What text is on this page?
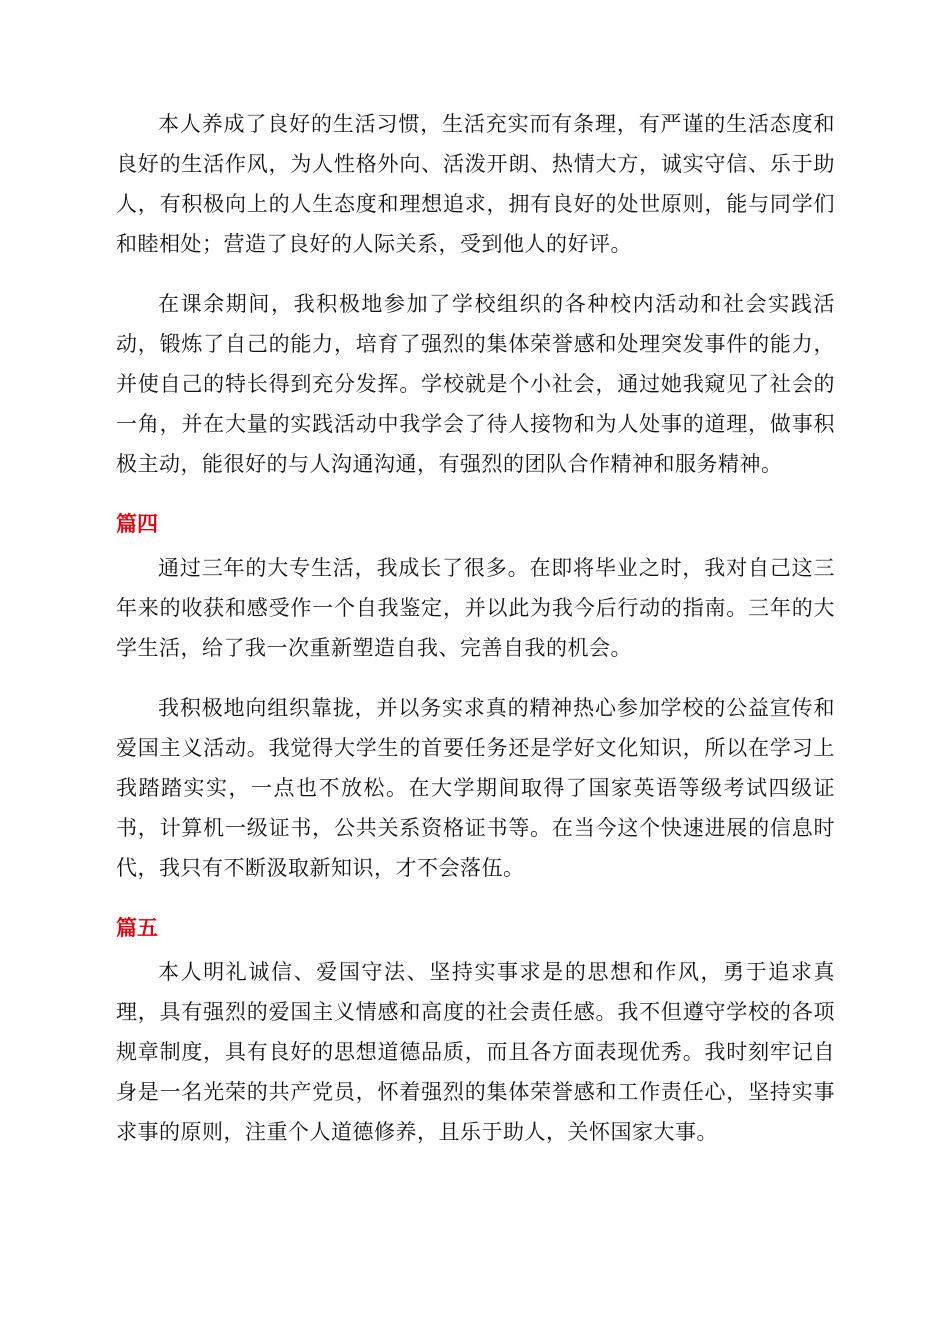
本人养成了良好的生活习惯，生活充实而有条理，有严谨的生活态度和良好的生活作风，为人性格外向、活泼开朗、热情大方，诚实守信、乐于助人，有积极向上的人生态度和理想追求，拥有良好的处世原则，能与同学们和睦相处；营造了良好的人际关系，受到他人的好评。

在课余期间，我积极地参加了学校组织的各种校内活动和社会实践活动，锻炼了自己的能力，培育了强烈的集体荣誉感和处理突发事件的能力，并使自己的特长得到充分发挥。学校就是个小社会，通过她我窥见了社会的一角，并在大量的实践活动中我学会了待人接物和为人处事的道理，做事积极主动，能很好的与人沟通沟通，有强烈的团队合作精神和服务精神。

篇四

通过三年的大专生活，我成长了很多。在即将毕业之时，我对自己这三年来的收获和感受作一个自我鉴定，并以此为我今后行动的指南。三年的大学生活，给了我一次重新塑造自我、完善自我的机会。

我积极地向组织靠拢，并以务实求真的精神热心参加学校的公益宣传和爱国主义活动。我觉得大学生的首要任务还是学好文化知识，所以在学习上我踏踏实实，一点也不放松。在大学期间取得了国家英语等级考试四级证书，计算机一级证书，公共关系资格证书等。在当今这个快速进展的信息时代，我只有不断汲取新知识，才不会落伍。

篇五

本人明礼诚信、爱国守法、坚持实事求是的思想和作风，勇于追求真理，具有强烈的爱国主义情感和高度的社会责任感。我不但遵守学校的各项规章制度，具有良好的思想道德品质，而且各方面表现优秀。我时刻牢记自身是一名光荣的共产党员，怀着强烈的集体荣誉感和工作责任心，坚持实事求事的原则，注重个人道德修养，且乐于助人，关怀国家大事。
